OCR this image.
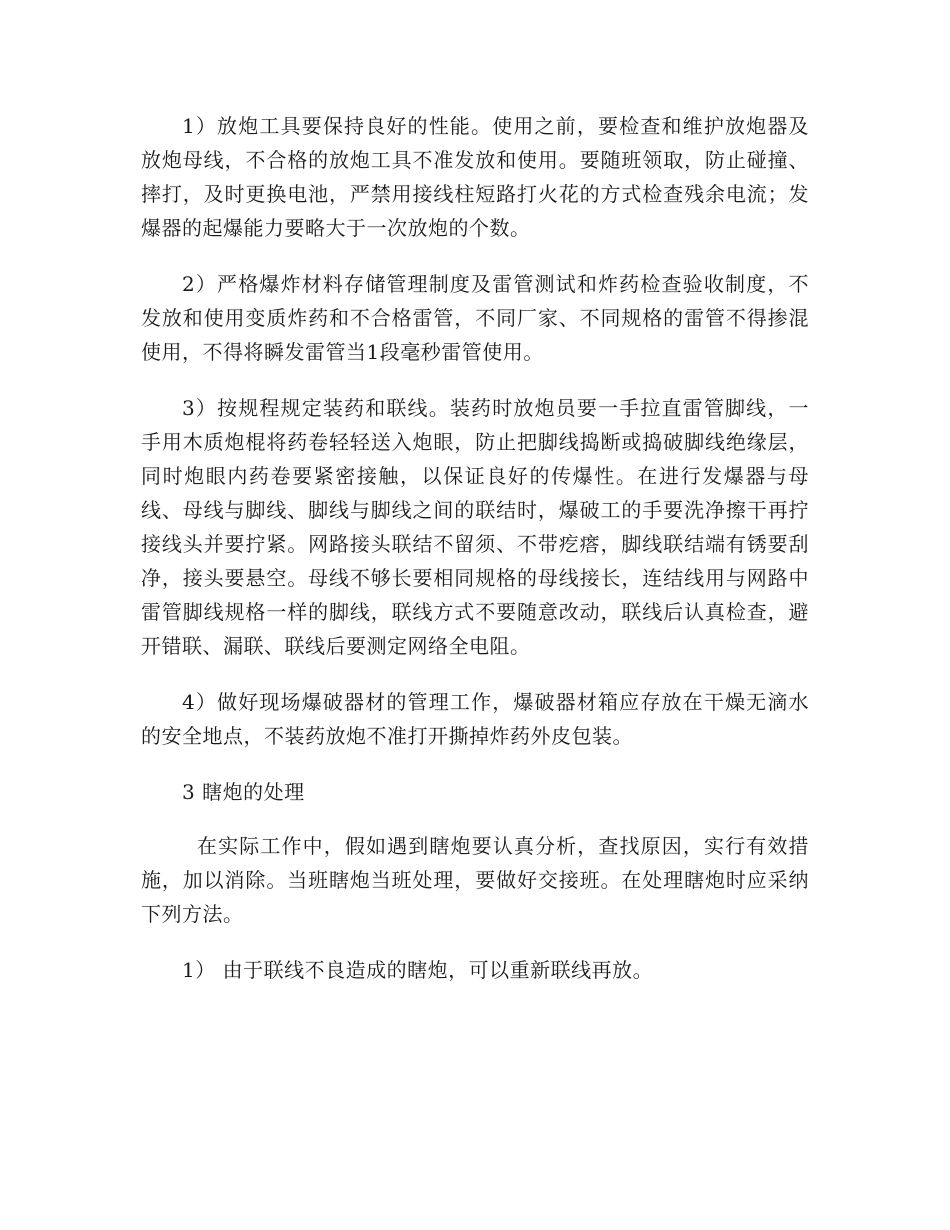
1）放炮工具要保持良好的性能。使用之前，要检查和维护放炮器及放炮母线，不合格的放炮工具不准发放和使用。要随班领取，防止碰撞、摔打，及时更换电池，严禁用接线柱短路打火花的方式检查残余电流；发爆器的起爆能力要略大于一次放炮的个数。

2）严格爆炸材料存储管理制度及雷管测试和炸药检查验收制度，不发放和使用变质炸药和不合格雷管，不同厂家、不同规格的雷管不得掺混使用，不得将瞬发雷管当1段毫秒雷管使用。

3）按规程规定装药和联线。装药时放炮员要一手拉直雷管脚线，一手用木质炮棍将药卷轻轻送入炮眼，防止把脚线捣断或捣破脚线绝缘层，同时炮眼内药卷要紧密接触，以保证良好的传爆性。在进行发爆器与母线、母线与脚线、脚线与脚线之间的联结时，爆破工的手要洗净擦干再拧接线头并要拧紧。网路接头联结不留须、不带疙瘩，脚线联结端有锈要刮净，接头要悬空。母线不够长要相同规格的母线接长，连结线用与网路中雷管脚线规格一样的脚线，联线方式不要随意改动，联线后认真检查，避开错联、漏联、联线后要测定网络全电阻。

4）做好现场爆破器材的管理工作，爆破器材箱应存放在干燥无滴水的安全地点，不装药放炮不准打开撕掉炸药外皮包装。

3 瞎炮的处理

在实际工作中，假如遇到瞎炮要认真分析，查找原因，实行有效措施，加以消除。当班瞎炮当班处理，要做好交接班。在处理瞎炮时应采纳下列方法。

1） 由于联线不良造成的瞎炮，可以重新联线再放。
